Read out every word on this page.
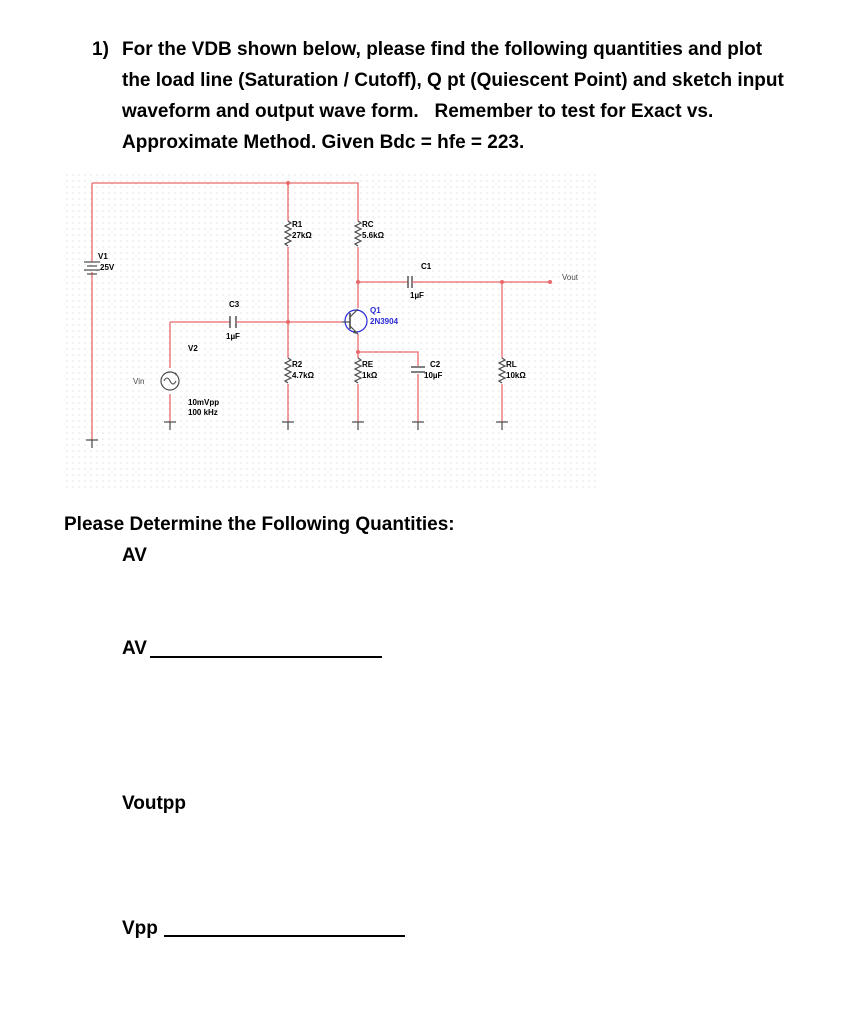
1) For the VDB shown below, please find the following quantities and plot
the load line (Saturation / Cutoff), Q pt (Quiescent Point) and sketch input
waveform and output wave form.   Remember to test for Exact vs.
Approximate Method. Given Bdc = hfe = 223.
V1
25V
R1
27kΩ
RC
5.6kΩ
R2
4.7kΩ
RE
1kΩ
RL
10kΩ
C1
1µF
C3
1µF
C2
10µF
Q1
2N3904
+
V2
Vin
10mVpp
100 kHz
Vout
Please Determine the Following Quantities:
AV
AV
Voutpp
Vpp
